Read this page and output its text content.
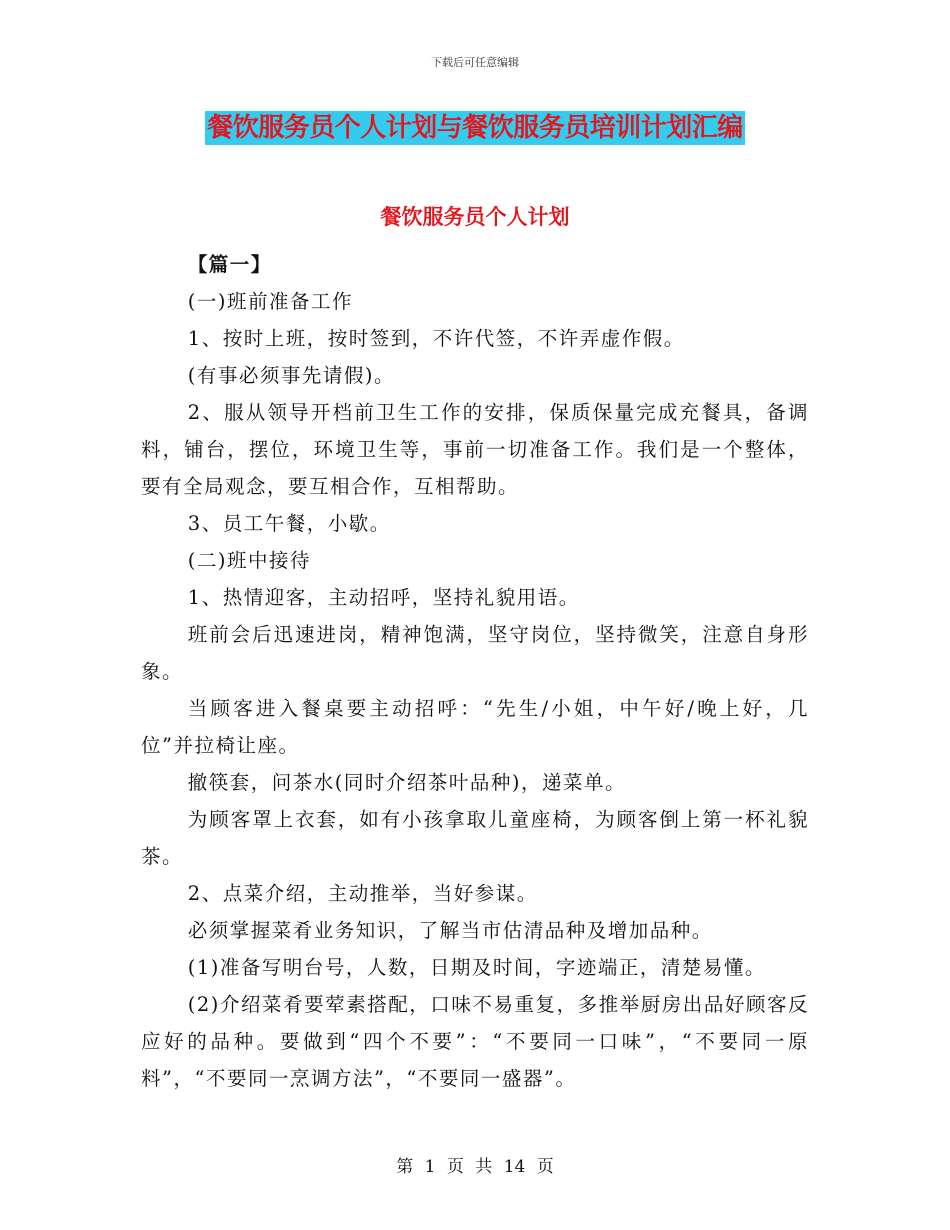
下载后可任意编辑
餐饮服务员个人计划与餐饮服务员培训计划汇编
餐饮服务员个人计划

【篇一】

(一)班前准备工作

1、按时上班，按时签到，不许代签，不许弄虚作假。

(有事必须事先请假)。

2、服从领导开档前卫生工作的安排，保质保量完成充餐具，备调料，铺台，摆位，环境卫生等，事前一切准备工作。我们是一个整体，要有全局观念，要互相合作，互相帮助。

3、员工午餐，小歇。

(二)班中接待

1、热情迎客，主动招呼，坚持礼貌用语。

班前会后迅速进岗，精神饱满，坚守岗位，坚持微笑，注意自身形象。

当顾客进入餐桌要主动招呼：“先生/小姐，中午好/晚上好，几位”并拉椅让座。

撤筷套，问茶水(同时介绍茶叶品种)，递菜单。

为顾客罩上衣套，如有小孩拿取儿童座椅，为顾客倒上第一杯礼貌茶。

2、点菜介绍，主动推举，当好参谋。

必须掌握菜肴业务知识，了解当市估清品种及增加品种。

(1)准备写明台号，人数，日期及时间，字迹端正，清楚易懂。

(2)介绍菜肴要荤素搭配，口味不易重复，多推举厨房出品好顾客反应好的品种。要做到“四个不要”：“不要同一口味”，“不要同一原料”，“不要同一烹调方法”，“不要同一盛器”。

第 1 页 共 14 页
